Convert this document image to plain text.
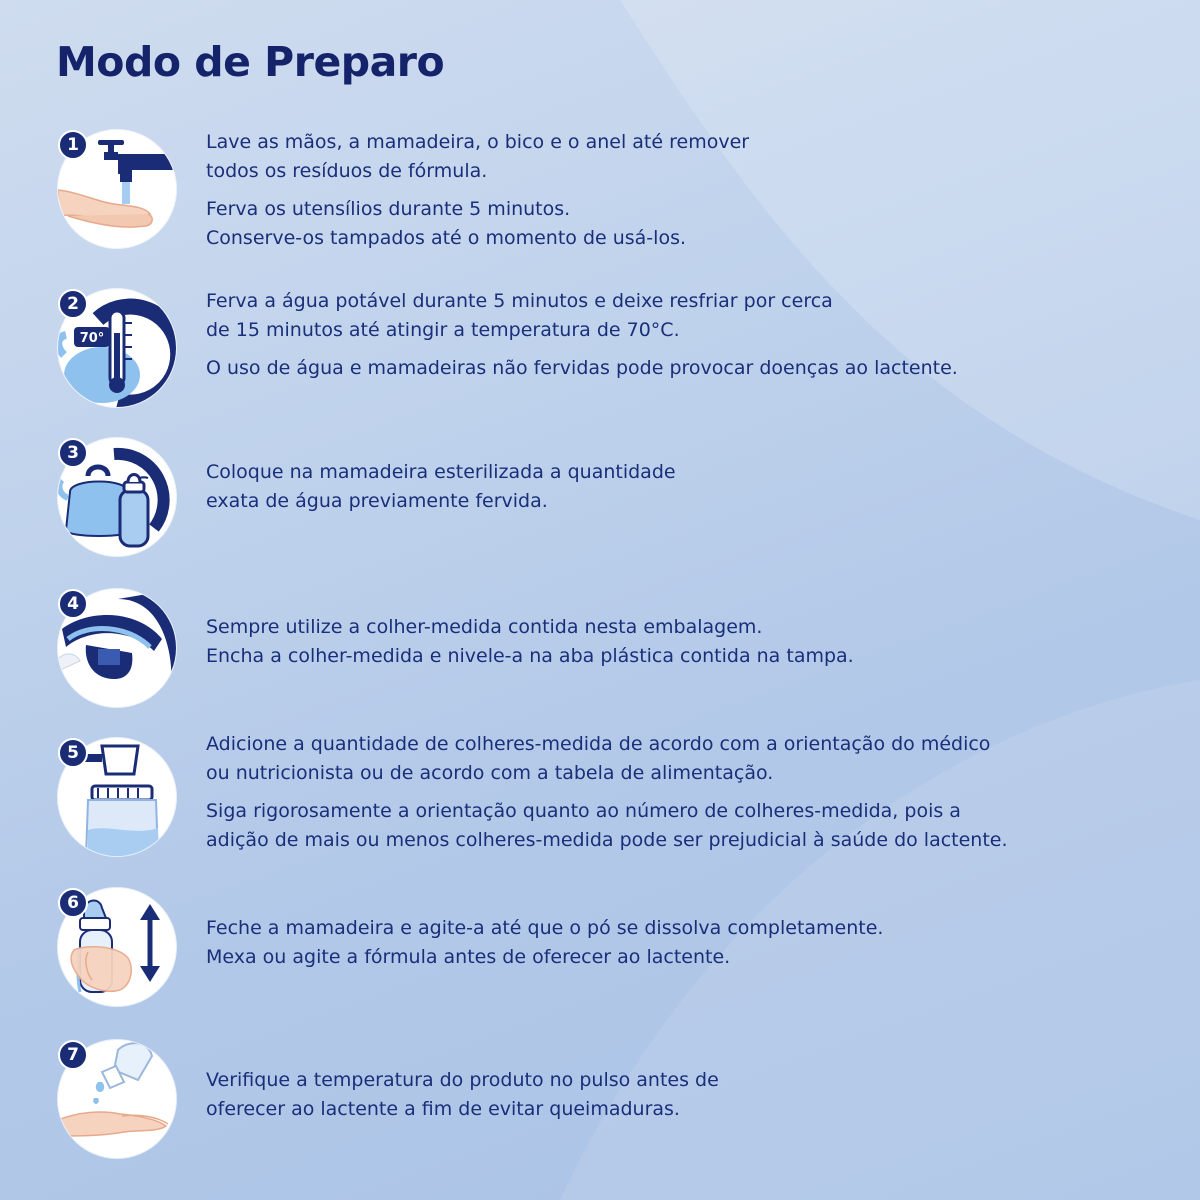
Modo de Preparo
1	Lave as mãos, a mamadeira, o bico e o anel até remover
todos os resíduos de fórmula.

Ferva os utensílios durante 5 minutos.
Conserve-os tampados até o momento de usá-los.

70°
2	Ferva a água potável durante 5 minutos e deixe resfriar por cerca
de 15 minutos até atingir a temperatura de 70°C.

O uso de água e mamadeiras não fervidas pode provocar doenças ao lactente.

3

Coloque na mamadeira esterilizada a quantidade
exata de água previamente fervida.

4

Sempre utilize a colher-medida contida nesta embalagem.
Encha a colher-medida e nivele-a na aba plástica contida na tampa.

5	Adicione a quantidade de colheres-medida de acordo com a orientação do médico
ou nutricionista ou de acordo com a tabela de alimentação.

Siga rigorosamente a orientação quanto ao número de colheres-medida, pois a
adição de mais ou menos colheres-medida pode ser prejudicial à saúde do lactente.

6

Feche a mamadeira e agite-a até que o pó se dissolva completamente.
Mexa ou agite a fórmula antes de oferecer ao lactente.

7

Verifique a temperatura do produto no pulso antes de
oferecer ao lactente a fim de evitar queimaduras.
